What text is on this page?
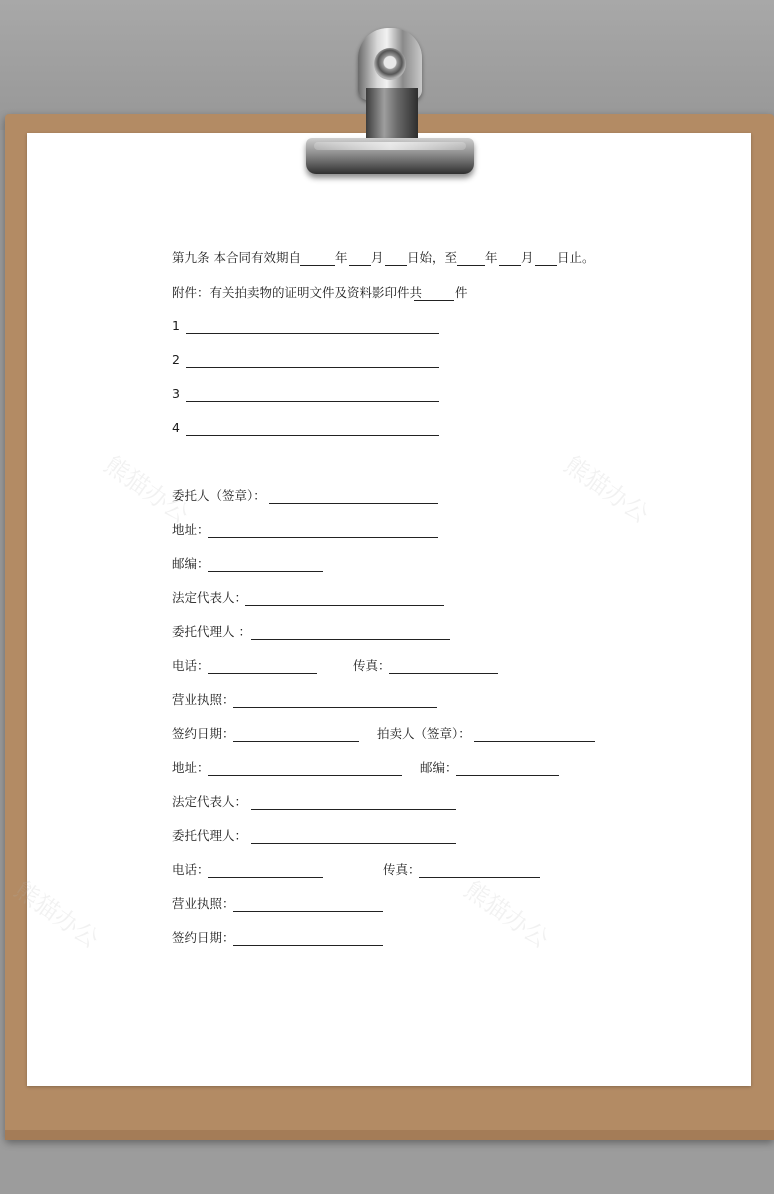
熊猫办公	熊猫办公
熊猫办公	熊猫办公
第九条 本合同有效期自	年 月 日始，至 年 月 日止。
附件：有关拍卖物的证明文件及资料影印件共	件
1
2
3
4
委托人（签章）：
地址：
邮编：
法定代表人：
委托代理人 ：
电话：	传真：
营业执照：
签约日期：	拍卖人（签章）：
地址：	邮编：
法定代表人：
委托代理人：
电话：	传真：
营业执照：
签约日期：
